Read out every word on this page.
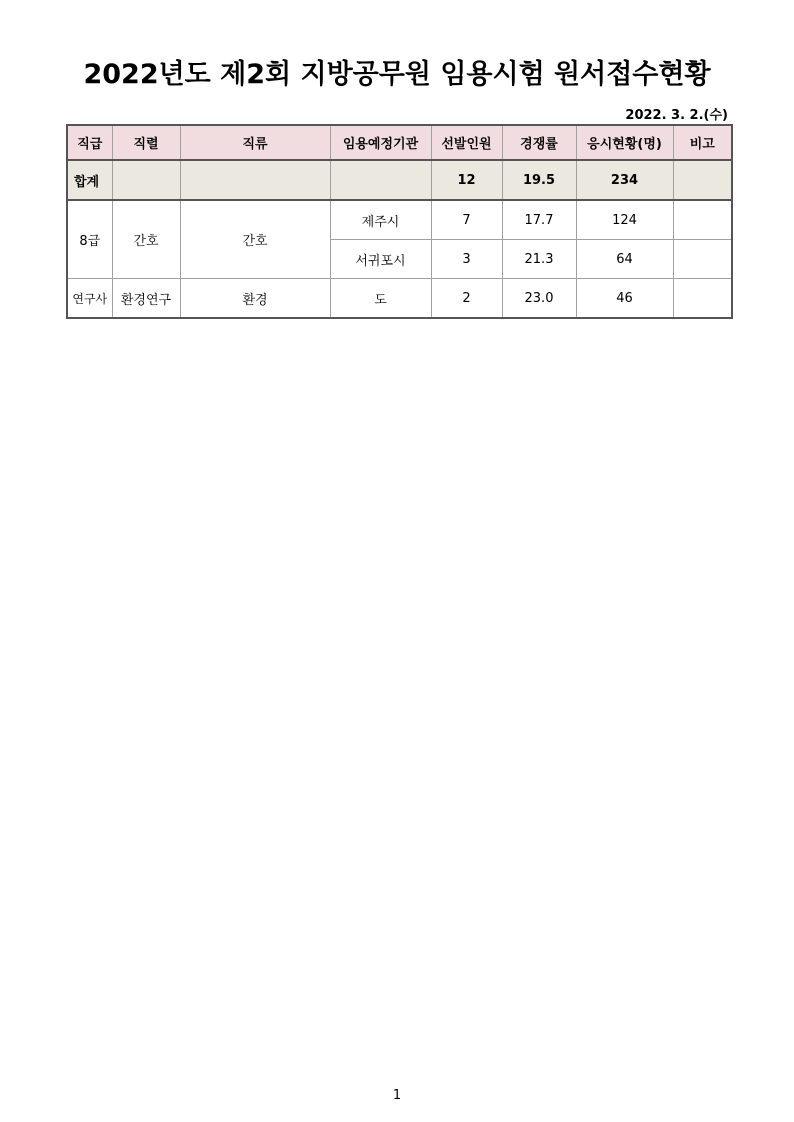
2022년도 제2회 지방공무원 임용시험 원서접수현황
2022. 3. 2.(수)
직급	직렬	직류	임용예정기관	선발인원	경쟁률	응시현황(명)	비고
합계				12	19.5	234	
8급	간호	간호	제주시	7	17.7	124	
			서귀포시	3	21.3	64	
연구사	환경연구	환경	도	2	23.0	46	
1
